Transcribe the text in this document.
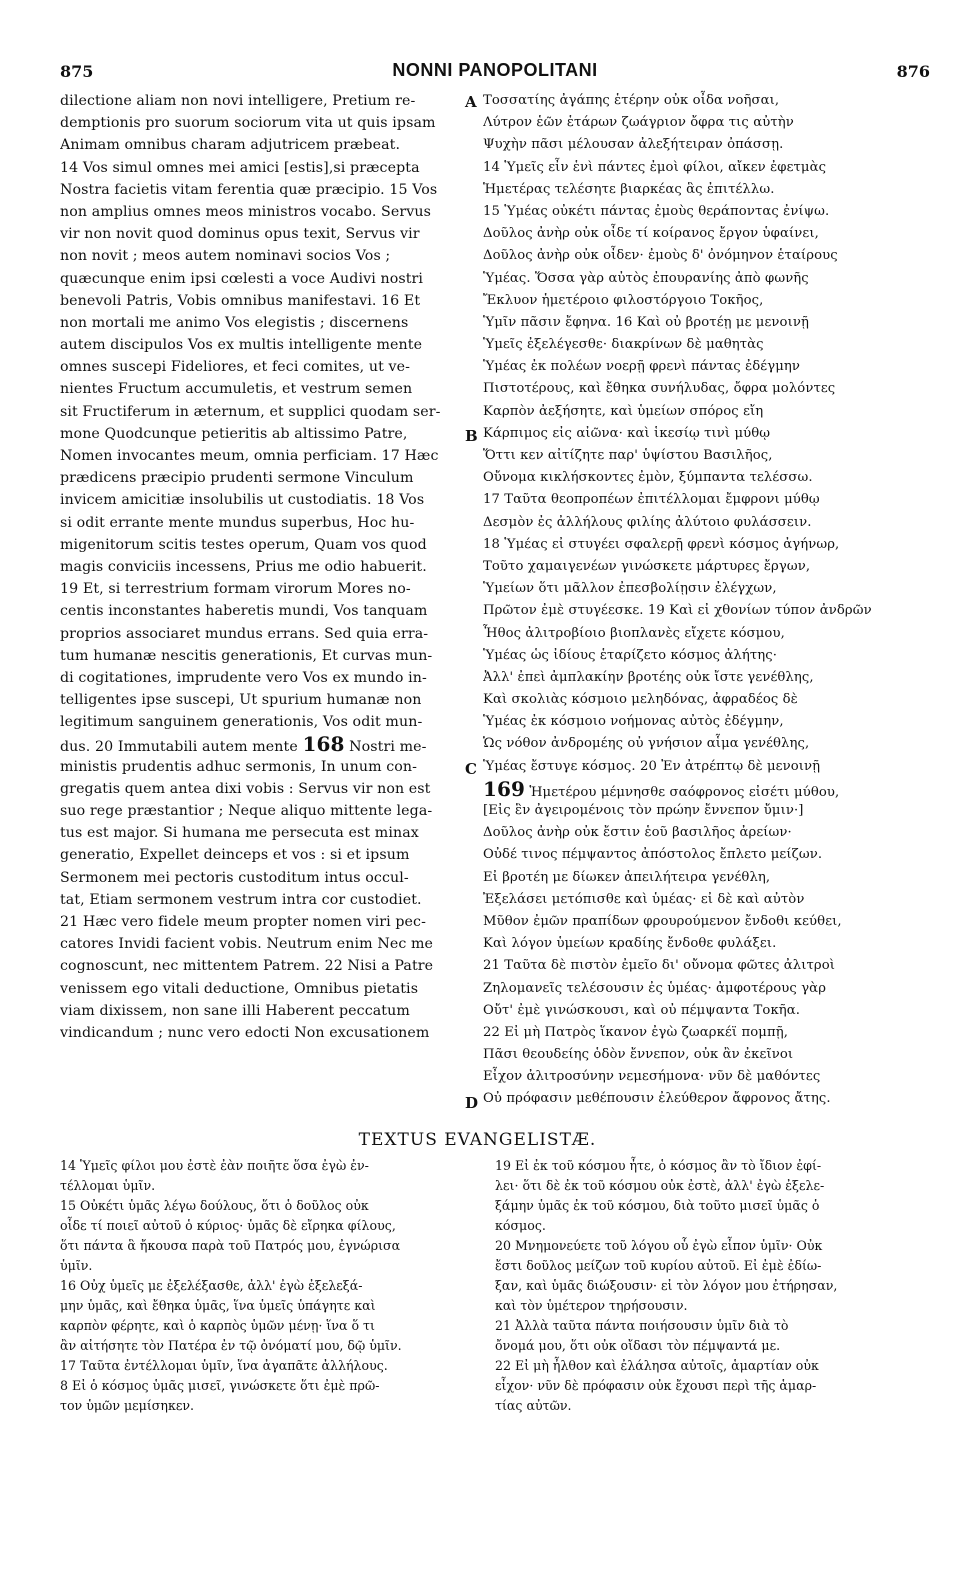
875	NONNI PANOPOLITANI	876
dilectione aliam non novi intelligere, Pretium re-
demptionis pro suorum sociorum vita ut quis ipsam
Animam omnibus charam adjutricem præbeat.
14 Vos simul omnes mei amici [estis],si præcepta
Nostra facietis vitam ferentia quæ præcipio. 15 Vos
non amplius omnes meos ministros vocabo. Servus
vir non novit quod dominus opus texit, Servus vir
non novit ; meos autem nominavi socios Vos ;
quæcunque enim ipsi cœlesti a voce Audivi nostri
benevoli Patris, Vobis omnibus manifestavi. 16 Et
non mortali me animo Vos elegistis ; discernens
autem discipulos Vos ex multis intelligente mente
omnes suscepi Fideliores, et feci comites, ut ve-
nientes Fructum accumuletis, et vestrum semen
sit Fructiferum in æternum, et supplici quodam ser-
mone Quodcunque petieritis ab altissimo Patre,
Nomen invocantes meum, omnia perficiam. 17 Hæc
prædicens præcipio prudenti sermone Vinculum
invicem amicitiæ insolubilis ut custodiatis. 18 Vos
si odit errante mente mundus superbus, Hoc hu-
migenitorum scitis testes operum, Quam vos quod
magis conviciis incessens, Prius me odio habuerit.
19 Et, si terrestrium formam virorum Mores no-
centis inconstantes haberetis mundi, Vos tanquam
proprios associaret mundus errans. Sed quia erra-
tum humanæ nescitis generationis, Et curvas mun-
di cogitationes, imprudente vero Vos ex mundo in-
telligentes ipse suscepi, Ut spurium humanæ non
legitimum sanguinem generationis, Vos odit mun-
dus. 20 Immutabili autem mente 168 Nostri me-
ministis prudentis adhuc sermonis, In unum con-
gregatis quem antea dixi vobis : Servus vir non est
suo rege præstantior ; Neque aliquo mittente lega-
tus est major. Si humana me persecuta est minax
generatio, Expellet deinceps et vos : si et ipsum
Sermonem mei pectoris custoditum intus occul-
tat, Etiam sermonem vestrum intra cor custodiet.
21 Hæc vero fidele meum propter nomen viri pec-
catores Invidi facient vobis. Neutrum enim Nec me
cognoscunt, nec mittentem Patrem. 22 Nisi a Patre
venissem ego vitali deductione, Omnibus pietatis
viam dixissem, non sane illi Haberent peccatum
vindicandum ; nunc vero edocti Non excusationem
Τοσσατίης ἀγάπης ἑτέρην οὐκ οἶδα νοῆσαι,
Λύτρον ἑῶν ἑτάρων ζωάγριον ὄφρα τις αὐτὴν
Ψυχὴν πᾶσι μέλουσαν ἀλεξήτειραν ὀπάσσῃ.
14 Ὑμεῖς εἶν ἑνὶ πάντες ἐμοὶ φίλοι, αἴκεν ἐφετμὰς
Ἡμετέρας τελέσητε βιαρκέας ἃς ἐπιτέλλω.
15 Ὑμέας οὐκέτι πάντας ἐμοὺς θεράποντας ἐνίψω.
Δοῦλος ἀνὴρ οὐκ οἶδε τί κοίρανος ἔργον ὑφαίνει,
Δοῦλος ἀνὴρ οὐκ οἶδεν· ἐμοὺς δ' ὀνόμηνον ἑταίρους
Ὑμέας. Ὅσσα γὰρ αὐτὸς ἐπουρανίης ἀπὸ φωνῆς
Ἔκλυον ἡμετέροιο φιλοστόργοιο Τοκῆος,
Ὑμῖν πᾶσιν ἔφηνα. 16 Καὶ οὐ βροτέῃ με μενοινῇ
Ὑμεῖς ἐξελέγεσθε· διακρίνων δὲ μαθητὰς
Ὑμέας ἐκ πολέων νοερῇ φρενὶ πάντας ἐδέγμην
Πιστοτέρους, καὶ ἔθηκα συνήλυδας, ὄφρα μολόντες
Καρπὸν ἀεξήσητε, καὶ ὑμείων σπόρος εἴη
Κάρπιμος εἰς αἰῶνα· καὶ ἱκεσίῳ τινὶ μύθῳ
Ὅττι κεν αἰτίζητε παρ' ὑψίστου Βασιλῆος,
Οὔνομα κικλήσκοντες ἐμὸν, ξύμπαντα τελέσσω.
17 Ταῦτα θεοπροπέων ἐπιτέλλομαι ἔμφρονι μύθῳ
Δεσμὸν ἐς ἀλλήλους φιλίης ἀλύτοιο φυλάσσειν.
18 Ὑμέας εἰ στυγέει σφαλερῇ φρενὶ κόσμος ἀγήνωρ,
Τοῦτο χαμαιγενέων γινώσκετε μάρτυρες ἔργων,
Ὑμείων ὅτι μᾶλλον ἐπεσβολίῃσιν ἐλέγχων,
Πρῶτον ἐμὲ στυγέεσκε. 19 Καὶ εἰ χθονίων τύπον ἀνδρῶν
Ἦθος ἀλιτροβίοιο βιοπλανὲς εἴχετε κόσμου,
Ὑμέας ὡς ἰδίους ἑταρίζετο κόσμος ἀλήτης·
Ἀλλ' ἐπεὶ ἀμπλακίην βροτέης οὐκ ἴστε γενέθλης,
Καὶ σκολιὰς κόσμοιο μεληδόνας, ἀφραδέος δὲ
Ὑμέας ἐκ κόσμοιο νοήμονας αὐτὸς ἐδέγμην,
Ὡς νόθον ἀνδρομέης οὐ γνήσιον αἷμα γενέθλης,
Ὑμέας ἔστυγε κόσμος. 20 Ἐν ἀτρέπτῳ δὲ μενοινῇ
169 Ἡμετέρου μέμνησθε σαόφρονος εἰσέτι μύθου,
[Εἰς ἓν ἀγειρομένοις τὸν πρώην ἔννεπον ὔμιν·]
Δοῦλος ἀνὴρ οὐκ ἔστιν ἑοῦ βασιλῆος ἀρείων·
Οὐδέ τινος πέμψαντος ἀπόστολος ἔπλετο μείζων.
Εἰ βροτέη με δίωκεν ἀπειλήτειρα γενέθλη,
Ἐξελάσει μετόπισθε καὶ ὑμέας· εἰ δὲ καὶ αὐτὸν
Μῦθον ἐμῶν πραπίδων φρουρούμενον ἔνδοθι κεύθει,
Καὶ λόγον ὑμείων κραδίης ἔνδοθε φυλάξει.
21 Ταῦτα δὲ πιστὸν ἐμεῖο δι' οὔνομα φῶτες ἀλιτροὶ
Ζηλομανεῖς τελέσουσιν ἐς ὑμέας· ἀμφοτέρους γὰρ
Οὔτ' ἐμὲ γινώσκουσι, καὶ οὐ πέμψαντα Τοκῆα.
22 Εἰ μὴ Πατρὸς ἵκανον ἐγὼ ζωαρκέϊ πομπῇ,
Πᾶσι θεουδείης ὁδὸν ἔννεπον, οὐκ ἂν ἐκεῖνοι
Εἶχον ἀλιτροσύνην νεμεσήμονα· νῦν δὲ μαθόντες
Οὐ πρόφασιν μεθέπουσιν ἐλεύθερον ἄφρονος ἄτης.
A
B
C
D
TEXTUS EVANGELISTÆ.
14 Ὑμεῖς φίλοι μου ἐστὲ ἐὰν ποιῆτε ὅσα ἐγὼ ἐν-
τέλλομαι ὑμῖν.
15 Οὐκέτι ὑμᾶς λέγω δούλους, ὅτι ὁ δοῦλος οὐκ
οἶδε τί ποιεῖ αὐτοῦ ὁ κύριος· ὑμᾶς δὲ εἴρηκα φίλους,
ὅτι πάντα ἃ ἤκουσα παρὰ τοῦ Πατρός μου, ἐγνώρισα
ὑμῖν.
16 Οὐχ ὑμεῖς με ἐξελέξασθε, ἀλλ' ἐγὼ ἐξελεξά-
μην ὑμᾶς, καὶ ἔθηκα ὑμᾶς, ἵνα ὑμεῖς ὑπάγητε καὶ
καρπὸν φέρητε, καὶ ὁ καρπὸς ὑμῶν μένῃ· ἵνα ὅ τι
ἂν αἰτήσητε τὸν Πατέρα ἐν τῷ ὀνόματί μου, δῷ ὑμῖν.
17 Ταῦτα ἐντέλλομαι ὑμῖν, ἵνα ἀγαπᾶτε ἀλλήλους.
8 Εἰ ὁ κόσμος ὑμᾶς μισεῖ, γινώσκετε ὅτι ἐμὲ πρῶ-
τον ὑμῶν μεμίσηκεν.
19 Εἰ ἐκ τοῦ κόσμου ἦτε, ὁ κόσμος ἂν τὸ ἴδιον ἐφί-
λει· ὅτι δὲ ἐκ τοῦ κόσμου οὐκ ἐστὲ, ἀλλ' ἐγὼ ἐξελε-
ξάμην ὑμᾶς ἐκ τοῦ κόσμου, διὰ τοῦτο μισεῖ ὑμᾶς ὁ
κόσμος.
20 Μνημονεύετε τοῦ λόγου οὗ ἐγὼ εἶπον ὑμῖν· Οὐκ
ἔστι δοῦλος μείζων τοῦ κυρίου αὐτοῦ. Εἰ ἐμὲ ἐδίω-
ξαν, καὶ ὑμᾶς διώξουσιν· εἰ τὸν λόγον μου ἐτήρησαν,
καὶ τὸν ὑμέτερον τηρήσουσιν.
21 Ἀλλὰ ταῦτα πάντα ποιήσουσιν ὑμῖν διὰ τὸ
ὄνομά μου, ὅτι οὐκ οἴδασι τὸν πέμψαντά με.
22 Εἰ μὴ ἦλθον καὶ ἐλάλησα αὐτοῖς, ἁμαρτίαν οὐκ
εἶχον· νῦν δὲ πρόφασιν οὐκ ἔχουσι περὶ τῆς ἁμαρ-
τίας αὐτῶν.
